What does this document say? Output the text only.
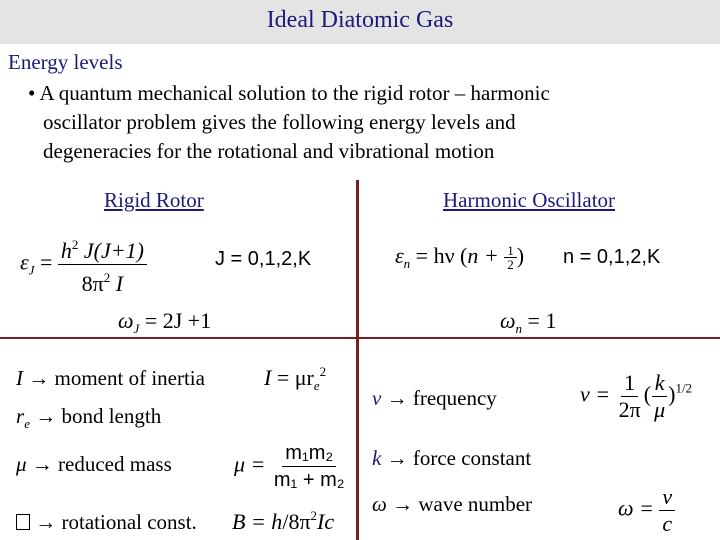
Ideal Diatomic Gas
Energy levels
• A quantum mechanical solution to the rigid rotor – harmonic
oscillator problem gives the following energy levels and
degeneracies for the rotational and vibrational motion
Rigid Rotor	Harmonic Oscillator
$\varepsilon_J = \frac{h^2 J(J+1)}{8\pi^2 I}$	J = 0,1,2,K
$\omega_J = 2J +1$
$\varepsilon_n = h\nu$ ($n + \frac{1}{2}$ ) n = 0,1,2,K
$\omega_n = 1$
I → moment of inertia	$I = \mu r_e^2$
$r_e$ → bond length
μ → reduced mass	$\mu = \frac{\text{m₁m₂}}{\text{m₁ + m₂}}$
→ rotational const. $B = h/8\pi^2Ic$
ν → frequency	$\nu = \frac{1}{2\pi}$ ( $\frac{k}{\mu} )^{1/2}$
k → force constant
ω → wave number	$\omega = \frac{\nu}{c}$
